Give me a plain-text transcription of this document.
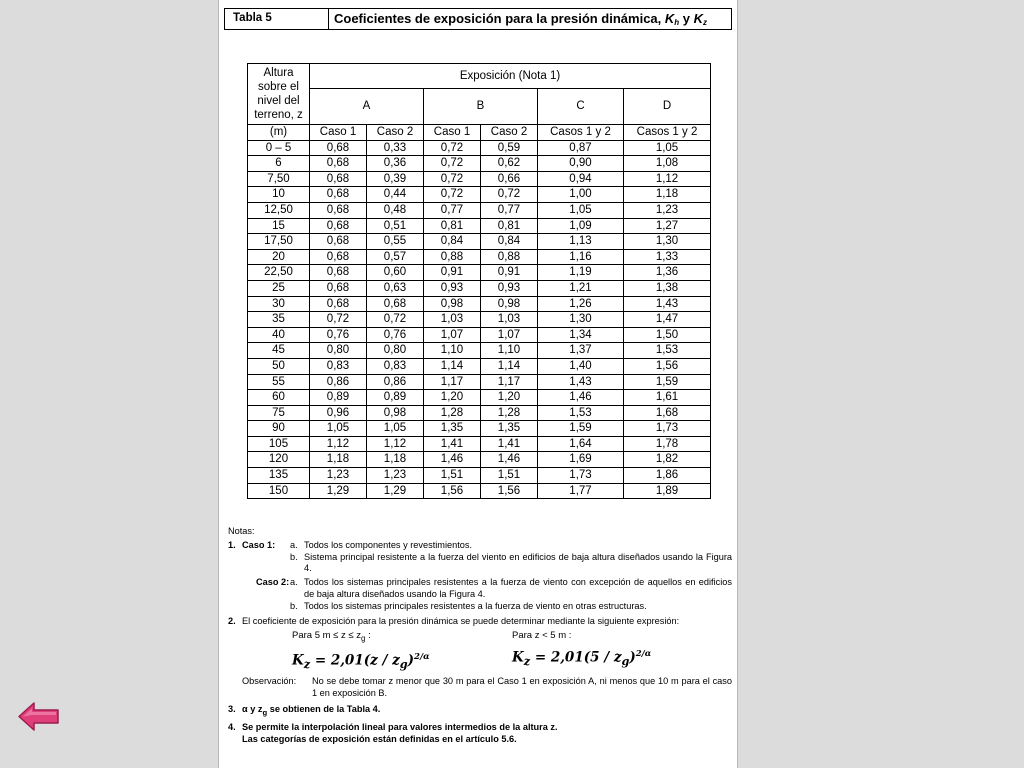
Tabla 5	Coeficientes de exposición para la presión dinámica, $K_h$ y $K_z$
Altura
sobre el
nivel del
terreno, z	Exposición (Nota 1)					
	A		B		C	D
(m)	Caso 1	Caso 2	Caso 1	Caso 2	Casos 1 y 2	Casos 1 y 2
0 – 5	0,68	0,33	0,72	0,59	0,87	1,05
6	0,68	0,36	0,72	0,62	0,90	1,08
7,50	0,68	0,39	0,72	0,66	0,94	1,12
10	0,68	0,44	0,72	0,72	1,00	1,18
12,50	0,68	0,48	0,77	0,77	1,05	1,23
15	0,68	0,51	0,81	0,81	1,09	1,27
17,50	0,68	0,55	0,84	0,84	1,13	1,30
20	0,68	0,57	0,88	0,88	1,16	1,33
22,50	0,68	0,60	0,91	0,91	1,19	1,36
25	0,68	0,63	0,93	0,93	1,21	1,38
30	0,68	0,68	0,98	0,98	1,26	1,43
35	0,72	0,72	1,03	1,03	1,30	1,47
40	0,76	0,76	1,07	1,07	1,34	1,50
45	0,80	0,80	1,10	1,10	1,37	1,53
50	0,83	0,83	1,14	1,14	1,40	1,56
55	0,86	0,86	1,17	1,17	1,43	1,59
60	0,89	0,89	1,20	1,20	1,46	1,61
75	0,96	0,98	1,28	1,28	1,53	1,68
90	1,05	1,05	1,35	1,35	1,59	1,73
105	1,12	1,12	1,41	1,41	1,64	1,78
120	1,18	1,18	1,46	1,46	1,69	1,82
135	1,23	1,23	1,51	1,51	1,73	1,86
150	1,29	1,29	1,56	1,56	1,77	1,89
Notas:
1. Caso 1:	a. Todos los componentes y revestimientos.
b. Sistema principal resistente a la fuerza del viento en edificios de baja altura diseñados usando la Figura 4.
Caso 2: a. Todos los sistemas principales resistentes a la fuerza de viento con excepción de aquellos en edificios de baja altura diseñados usando la Figura 4.
b. Todos los sistemas principales resistentes a la fuerza de viento en otras estructuras.
2. El coeficiente de exposición para la presión dinámica se puede determinar mediante la siguiente expresión:
Para 5 $m \le z \le z_g$ :
$K_z = 2,01(z / z_g)^{2/\alpha}$
Para z < 5 m :
$K_z = 2,01(5 / z_g)^{2/\alpha}$
Observación:	No se debe tomar z menor que 30 m para el Caso 1 en exposición A, ni menos que 10 m para el caso 1 en exposición B.
3. α y $z_g$ se obtienen de la Tabla 4.
4. Se permite la interpolación lineal para valores intermedios de la altura z.
Las categorías de exposición están definidas en el artículo 5.6.
